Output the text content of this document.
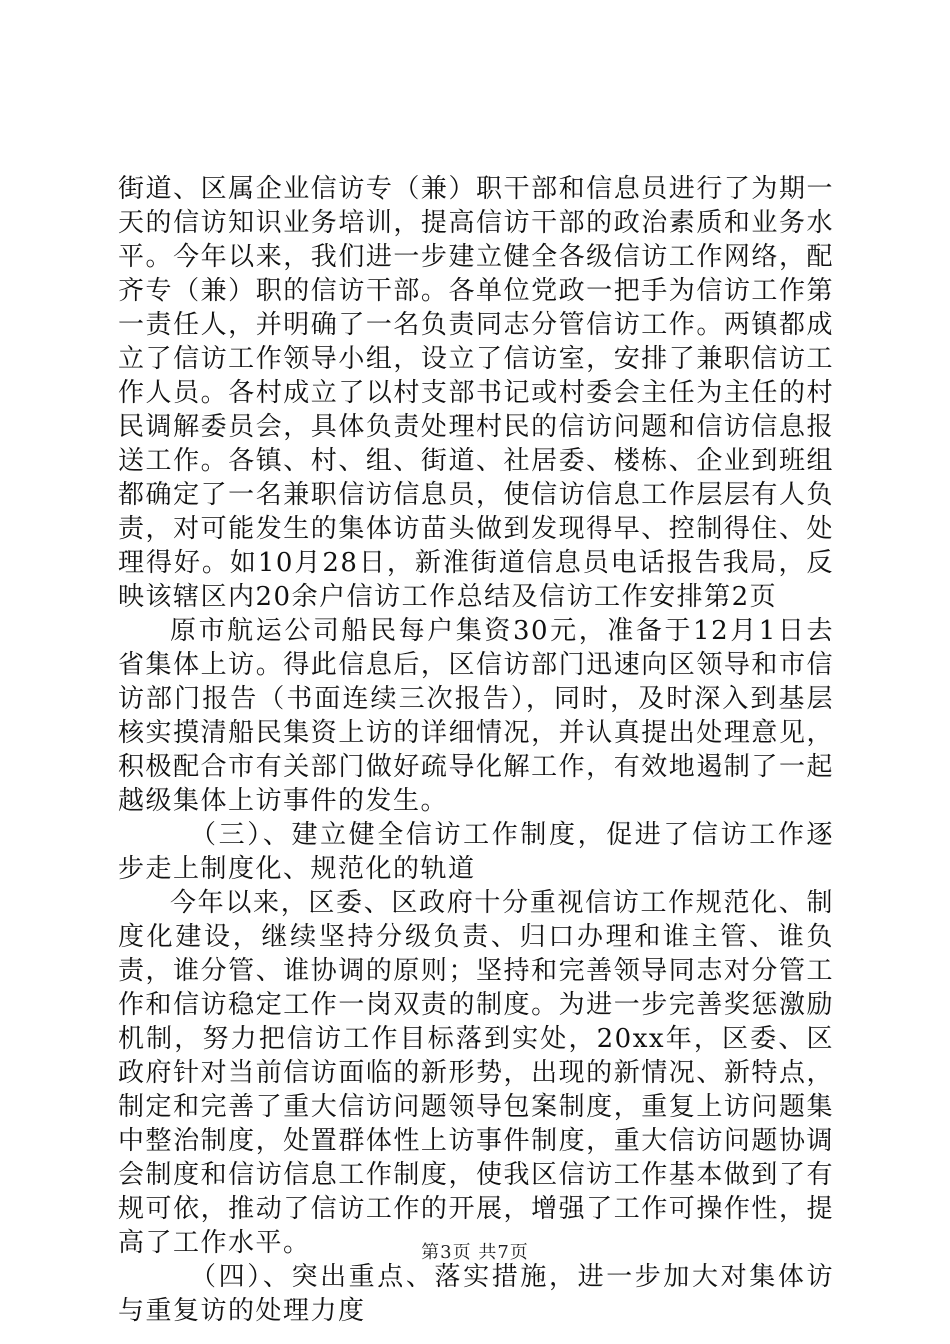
街道、区属企业信访专（兼）职干部和信息员进行了为期一天的信访知识业务培训，提高信访干部的政治素质和业务水平。今年以来，我们进一步建立健全各级信访工作网络，配齐专（兼）职的信访干部。各单位党政一把手为信访工作第一责任人，并明确了一名负责同志分管信访工作。两镇都成立了信访工作领导小组，设立了信访室，安排了兼职信访工作人员。各村成立了以村支部书记或村委会主任为主任的村民调解委员会，具体负责处理村民的信访问题和信访信息报送工作。各镇、村、组、街道、社居委、楼栋、企业到班组都确定了一名兼职信访信息员，使信访信息工作层层有人负责，对可能发生的集体访苗头做到发现得早、控制得住、处理得好。如10月28日，新淮街道信息员电话报告我局，反映该辖区内20余户信访工作总结及信访工作安排第2页

原市航运公司船民每户集资30元，准备于12月1日去省集体上访。得此信息后，区信访部门迅速向区领导和市信访部门报告（书面连续三次报告），同时，及时深入到基层核实摸清船民集资上访的详细情况，并认真提出处理意见，积极配合市有关部门做好疏导化解工作，有效地遏制了一起越级集体上访事件的发生。

（三）、建立健全信访工作制度，促进了信访工作逐步走上制度化、规范化的轨道

今年以来，区委、区政府十分重视信访工作规范化、制度化建设，继续坚持分级负责、归口办理和谁主管、谁负责，谁分管、谁协调的原则；坚持和完善领导同志对分管工作和信访稳定工作一岗双责的制度。为进一步完善奖惩激励机制，努力把信访工作目标落到实处，20xx年，区委、区政府针对当前信访面临的新形势，出现的新情况、新特点，制定和完善了重大信访问题领导包案制度，重复上访问题集中整治制度，处置群体性上访事件制度，重大信访问题协调会制度和信访信息工作制度，使我区信访工作基本做到了有规可依，推动了信访工作的开展，增强了工作可操作性，提高了工作水平。

（四）、突出重点、落实措施，进一步加大对集体访与重复访的处理力度

第3页 共7页
